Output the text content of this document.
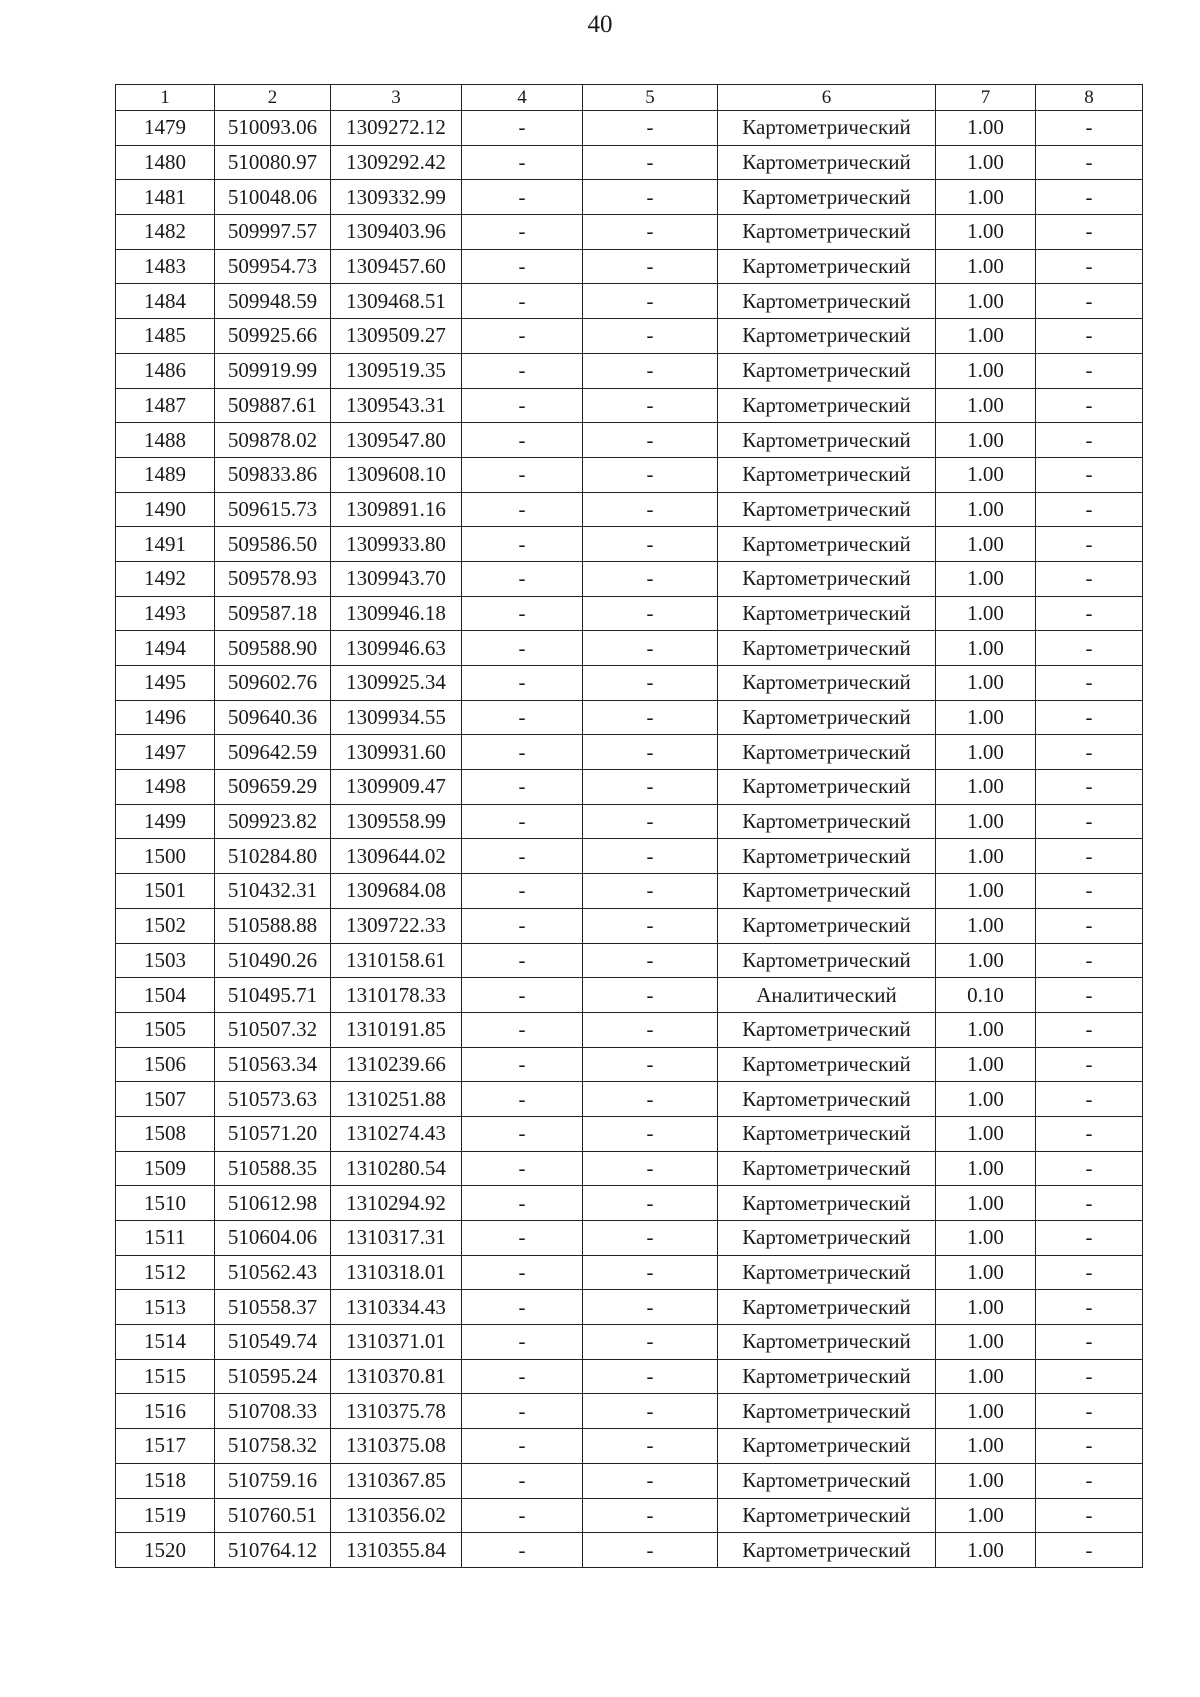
40
1	2	3	4	5	6	7	8
1479	510093.06	1309272.12	-	-	Картометрический	1.00	-
1480	510080.97	1309292.42	-	-	Картометрический	1.00	-
1481	510048.06	1309332.99	-	-	Картометрический	1.00	-
1482	509997.57	1309403.96	-	-	Картометрический	1.00	-
1483	509954.73	1309457.60	-	-	Картометрический	1.00	-
1484	509948.59	1309468.51	-	-	Картометрический	1.00	-
1485	509925.66	1309509.27	-	-	Картометрический	1.00	-
1486	509919.99	1309519.35	-	-	Картометрический	1.00	-
1487	509887.61	1309543.31	-	-	Картометрический	1.00	-
1488	509878.02	1309547.80	-	-	Картометрический	1.00	-
1489	509833.86	1309608.10	-	-	Картометрический	1.00	-
1490	509615.73	1309891.16	-	-	Картометрический	1.00	-
1491	509586.50	1309933.80	-	-	Картометрический	1.00	-
1492	509578.93	1309943.70	-	-	Картометрический	1.00	-
1493	509587.18	1309946.18	-	-	Картометрический	1.00	-
1494	509588.90	1309946.63	-	-	Картометрический	1.00	-
1495	509602.76	1309925.34	-	-	Картометрический	1.00	-
1496	509640.36	1309934.55	-	-	Картометрический	1.00	-
1497	509642.59	1309931.60	-	-	Картометрический	1.00	-
1498	509659.29	1309909.47	-	-	Картометрический	1.00	-
1499	509923.82	1309558.99	-	-	Картометрический	1.00	-
1500	510284.80	1309644.02	-	-	Картометрический	1.00	-
1501	510432.31	1309684.08	-	-	Картометрический	1.00	-
1502	510588.88	1309722.33	-	-	Картометрический	1.00	-
1503	510490.26	1310158.61	-	-	Картометрический	1.00	-
1504	510495.71	1310178.33	-	-	Аналитический	0.10	-
1505	510507.32	1310191.85	-	-	Картометрический	1.00	-
1506	510563.34	1310239.66	-	-	Картометрический	1.00	-
1507	510573.63	1310251.88	-	-	Картометрический	1.00	-
1508	510571.20	1310274.43	-	-	Картометрический	1.00	-
1509	510588.35	1310280.54	-	-	Картометрический	1.00	-
1510	510612.98	1310294.92	-	-	Картометрический	1.00	-
1511	510604.06	1310317.31	-	-	Картометрический	1.00	-
1512	510562.43	1310318.01	-	-	Картометрический	1.00	-
1513	510558.37	1310334.43	-	-	Картометрический	1.00	-
1514	510549.74	1310371.01	-	-	Картометрический	1.00	-
1515	510595.24	1310370.81	-	-	Картометрический	1.00	-
1516	510708.33	1310375.78	-	-	Картометрический	1.00	-
1517	510758.32	1310375.08	-	-	Картометрический	1.00	-
1518	510759.16	1310367.85	-	-	Картометрический	1.00	-
1519	510760.51	1310356.02	-	-	Картометрический	1.00	-
1520	510764.12	1310355.84	-	-	Картометрический	1.00	-
